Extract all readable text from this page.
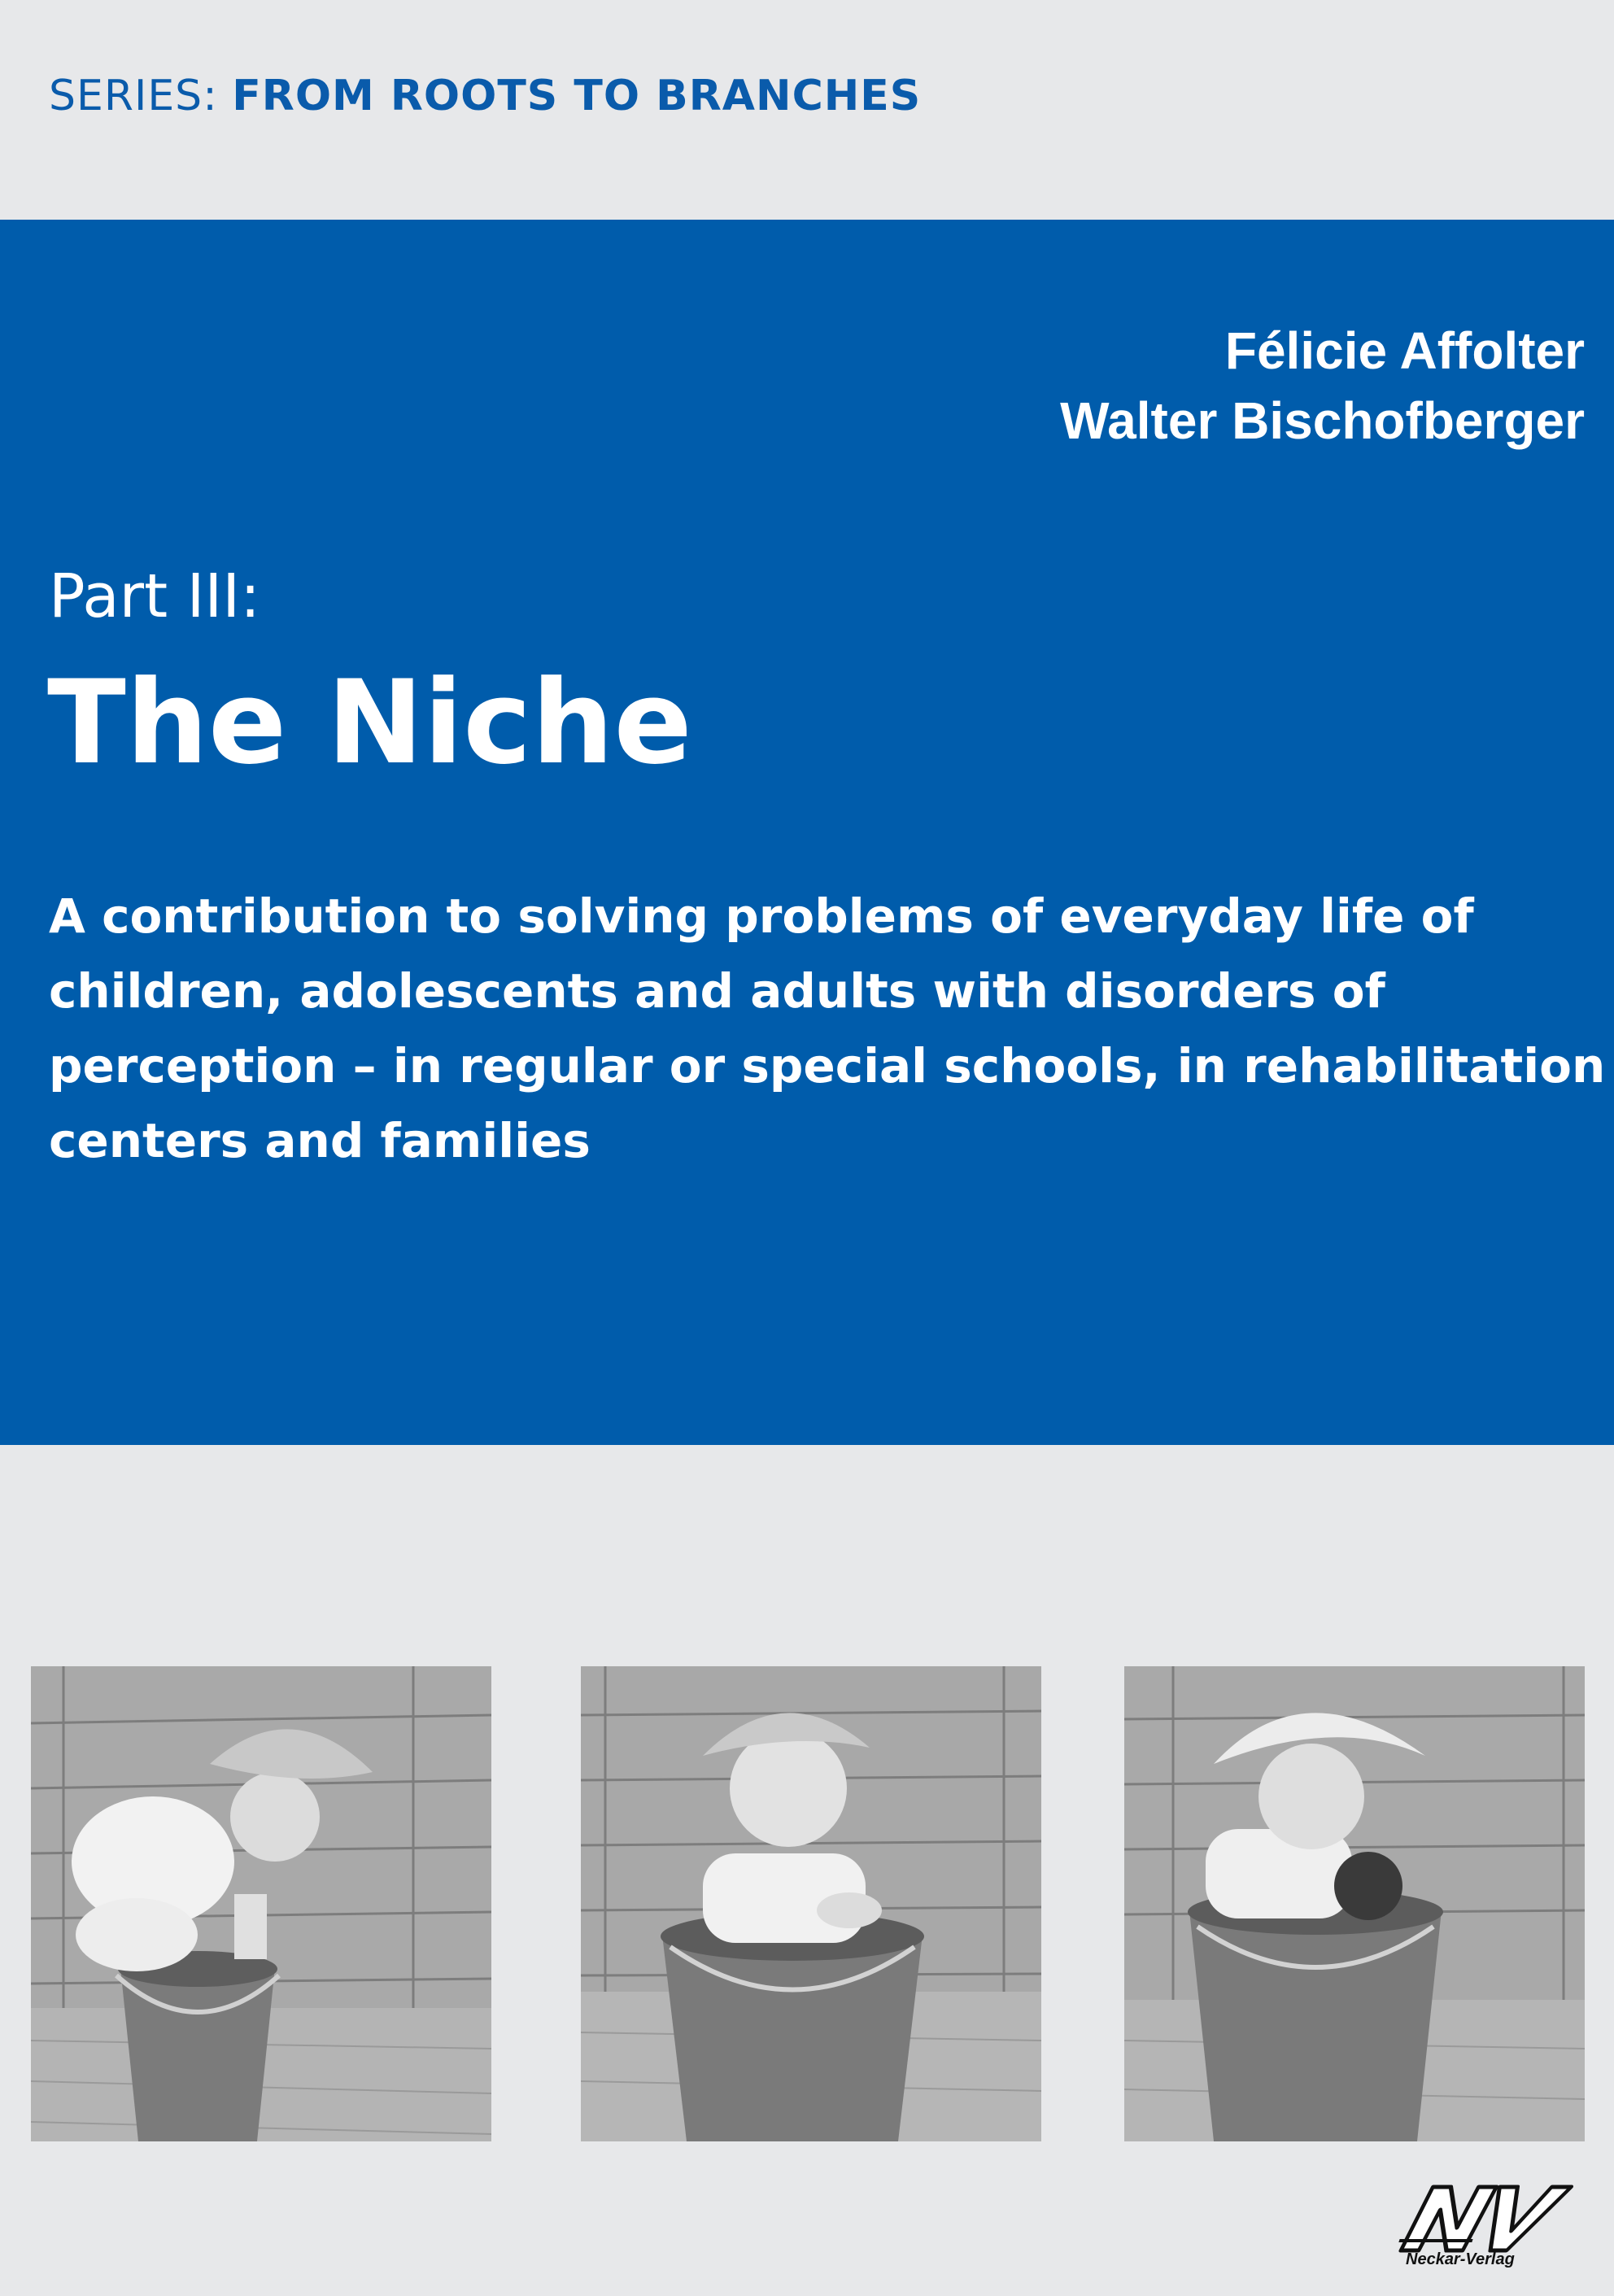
SERIES: FROM ROOTS TO BRANCHES
Félicie Affolter
Walter Bischofberger
Part III:
The Niche
A contribution to solving problems of everyday life of
children, adolescents and adults with disorders of
perception – in regular or special schools, in rehabilitation
centers and families
Neckar-Verlag
